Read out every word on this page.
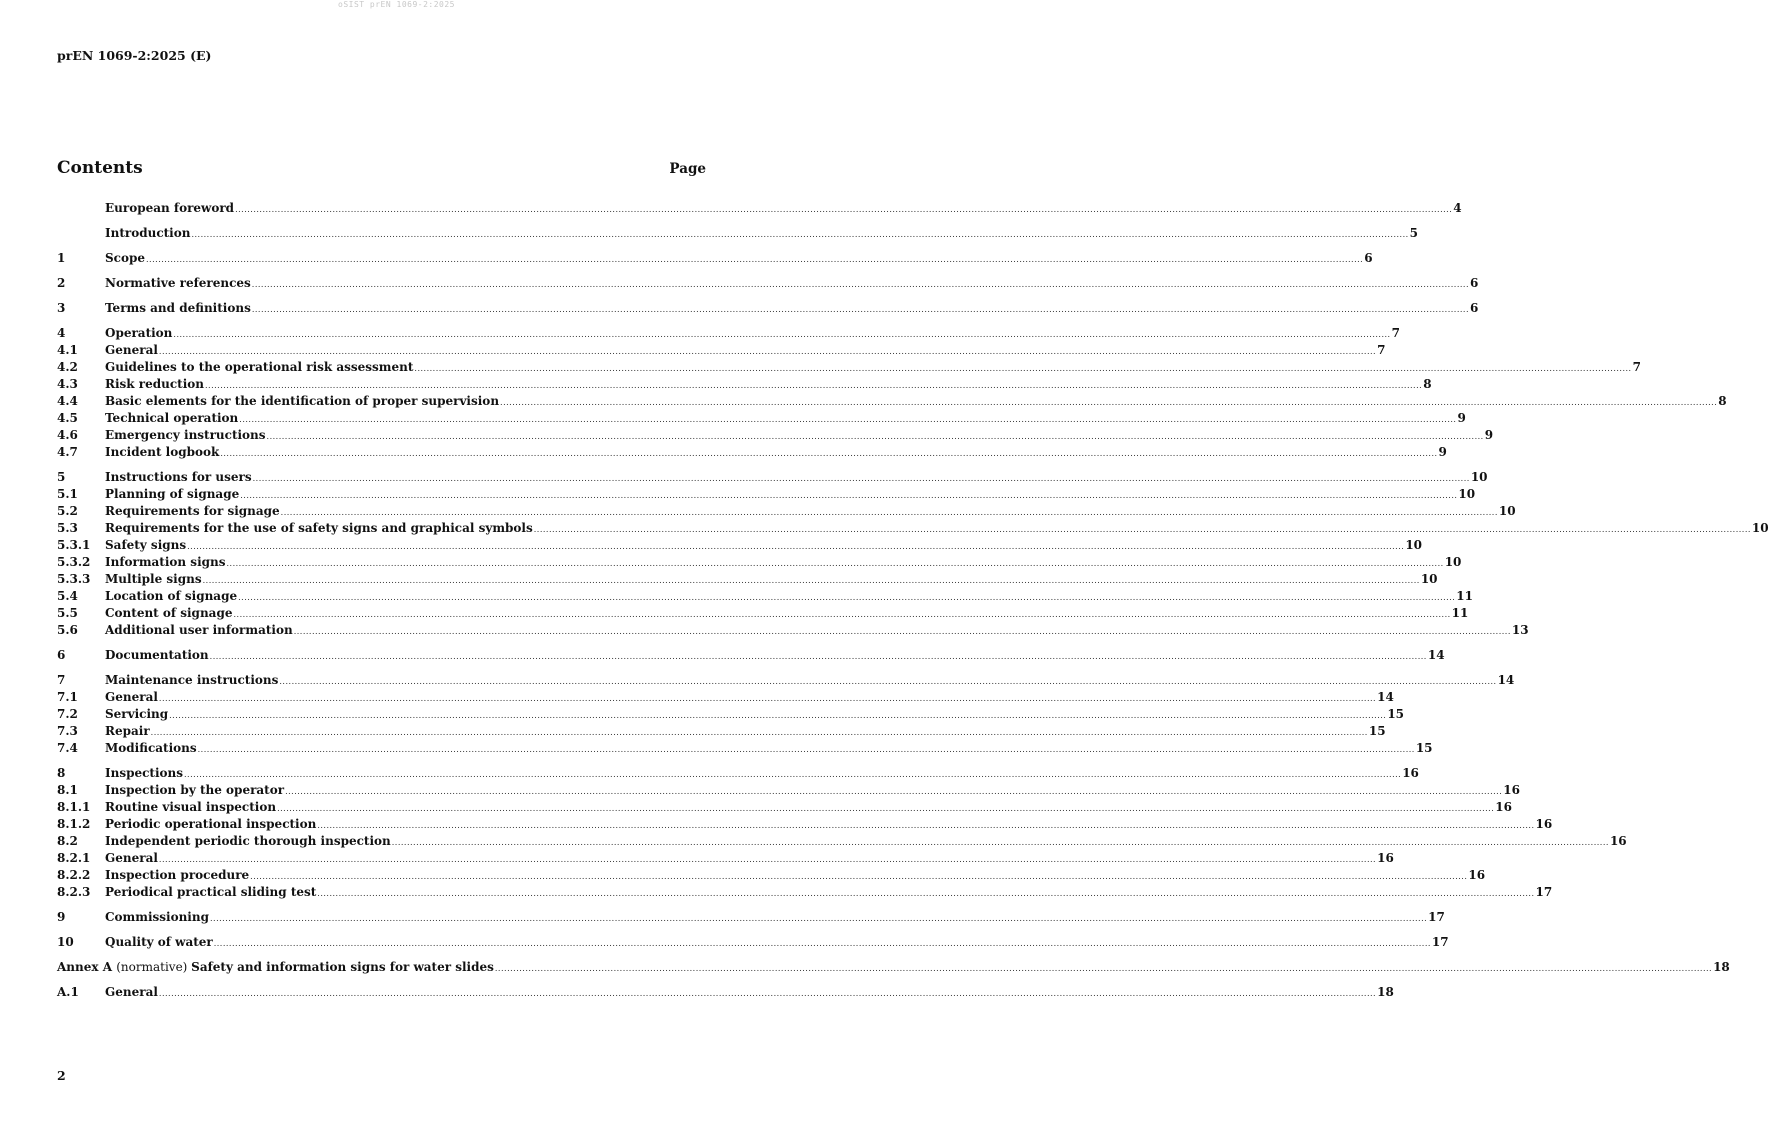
oSIST prEN 1069-2:2025
prEN 1069-2:2025 (E)
Contents	Page
European foreword ................................................................................................................................................................................................................................................................................................................................................................................................................ 4
Introduction ................................................................................................................................................................................................................................................................................................................................................................................................................ 5
1	Scope ................................................................................................................................................................................................................................................................................................................................................................................................................ 6
2	Normative references ................................................................................................................................................................................................................................................................................................................................................................................................................ 6
3	Terms and definitions ................................................................................................................................................................................................................................................................................................................................................................................................................ 6
4	Operation ................................................................................................................................................................................................................................................................................................................................................................................................................ 7
4.1	General ................................................................................................................................................................................................................................................................................................................................................................................................................ 7
4.2	Guidelines to the operational risk assessment ................................................................................................................................................................................................................................................................................................................................................................................................................ 7
4.3	Risk reduction ................................................................................................................................................................................................................................................................................................................................................................................................................ 8
4.4	Basic elements for the identification of proper supervision ................................................................................................................................................................................................................................................................................................................................................................................................................ 8
4.5	Technical operation ................................................................................................................................................................................................................................................................................................................................................................................................................ 9
4.6	Emergency instructions ................................................................................................................................................................................................................................................................................................................................................................................................................ 9
4.7	Incident logbook ................................................................................................................................................................................................................................................................................................................................................................................................................ 9
5	Instructions for users ................................................................................................................................................................................................................................................................................................................................................................................................................ 10
5.1	Planning of signage ................................................................................................................................................................................................................................................................................................................................................................................................................ 10
5.2	Requirements for signage ................................................................................................................................................................................................................................................................................................................................................................................................................ 10
5.3	Requirements for the use of safety signs and graphical symbols ................................................................................................................................................................................................................................................................................................................................................................................................................ 10
5.3.1	Safety signs ................................................................................................................................................................................................................................................................................................................................................................................................................ 10
5.3.2	Information signs ................................................................................................................................................................................................................................................................................................................................................................................................................ 10
5.3.3	Multiple signs ................................................................................................................................................................................................................................................................................................................................................................................................................ 10
5.4	Location of signage ................................................................................................................................................................................................................................................................................................................................................................................................................ 11
5.5	Content of signage ................................................................................................................................................................................................................................................................................................................................................................................................................ 11
5.6	Additional user information ................................................................................................................................................................................................................................................................................................................................................................................................................ 13
6	Documentation ................................................................................................................................................................................................................................................................................................................................................................................................................ 14
7	Maintenance instructions ................................................................................................................................................................................................................................................................................................................................................................................................................ 14
7.1	General ................................................................................................................................................................................................................................................................................................................................................................................................................ 14
7.2	Servicing ................................................................................................................................................................................................................................................................................................................................................................................................................ 15
7.3	Repair ................................................................................................................................................................................................................................................................................................................................................................................................................ 15
7.4	Modifications ................................................................................................................................................................................................................................................................................................................................................................................................................ 15
8	Inspections ................................................................................................................................................................................................................................................................................................................................................................................................................ 16
8.1	Inspection by the operator ................................................................................................................................................................................................................................................................................................................................................................................................................ 16
8.1.1	Routine visual inspection ................................................................................................................................................................................................................................................................................................................................................................................................................ 16
8.1.2	Periodic operational inspection ................................................................................................................................................................................................................................................................................................................................................................................................................ 16
8.2	Independent periodic thorough inspection ................................................................................................................................................................................................................................................................................................................................................................................................................ 16
8.2.1	General ................................................................................................................................................................................................................................................................................................................................................................................................................ 16
8.2.2	Inspection procedure ................................................................................................................................................................................................................................................................................................................................................................................................................ 16
8.2.3	Periodical practical sliding test ................................................................................................................................................................................................................................................................................................................................................................................................................ 17
9	Commissioning ................................................................................................................................................................................................................................................................................................................................................................................................................ 17
10	Quality of water ................................................................................................................................................................................................................................................................................................................................................................................................................ 17
Annex A (normative) Safety and information signs for water slides ................................................................................................................................................................................................................................................................................................................................................................................................................ 18
A.1	General ................................................................................................................................................................................................................................................................................................................................................................................................................ 18
2
